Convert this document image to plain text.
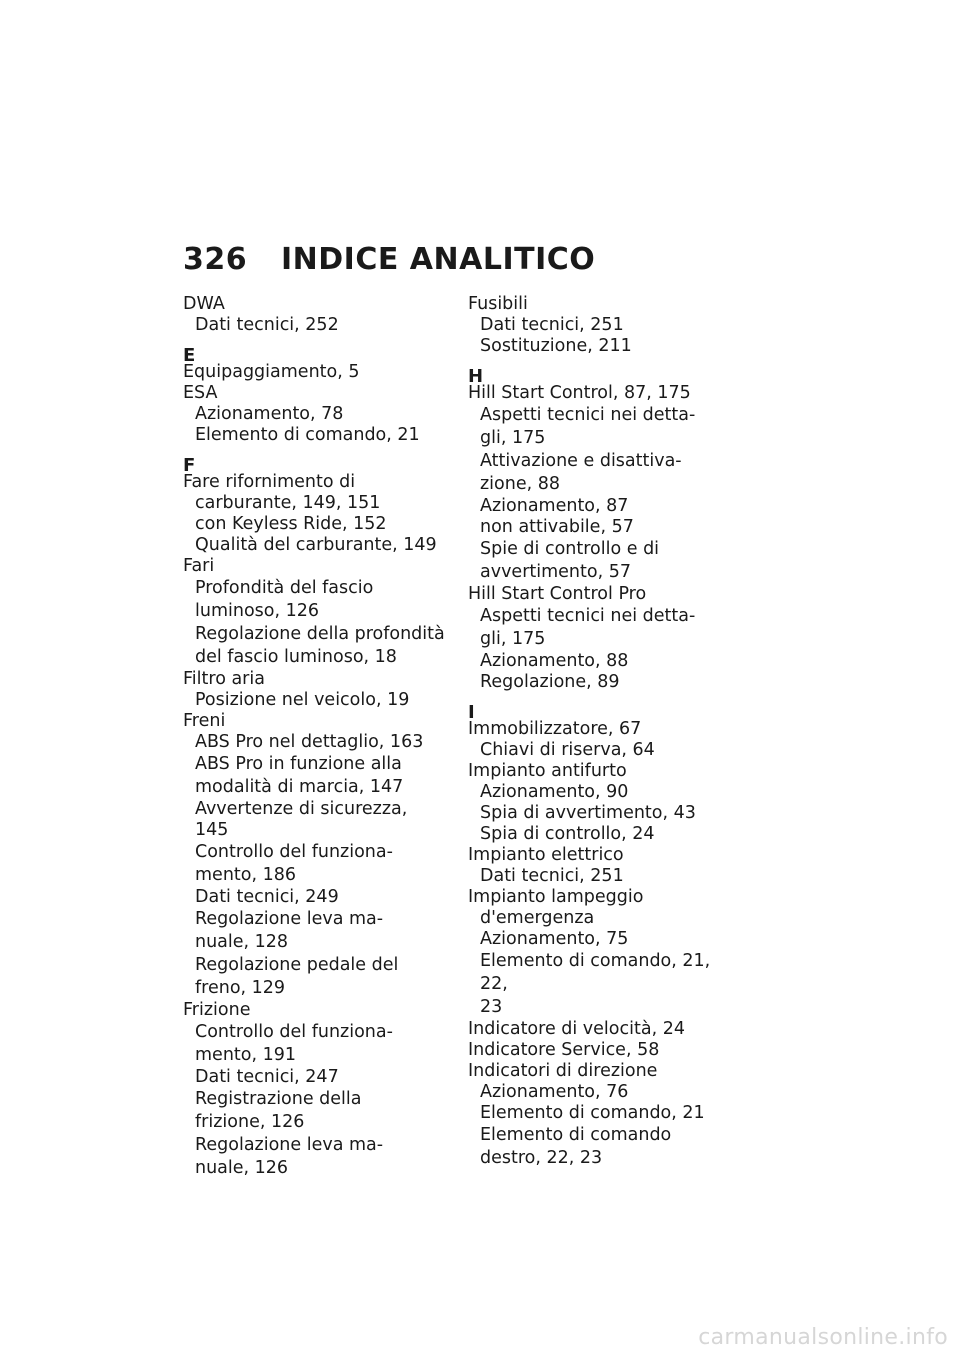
326 INDICE ANALITICO
DWA
Dati tecnici, 252
E
Equipaggiamento, 5
ESA
Azionamento, 78
Elemento di comando, 21
F
Fare rifornimento di
carburante, 149, 151
con Keyless Ride, 152
Qualità del carburante, 149
Fari
Profondità del fascio
luminoso, 126
Regolazione della profondità
del fascio luminoso, 18
Filtro aria
Posizione nel veicolo, 19
Freni
ABS Pro nel dettaglio, 163
ABS Pro in funzione alla
modalità di marcia, 147
Avvertenze di sicurezza, 145
Controllo del funziona-
mento, 186
Dati tecnici, 249
Regolazione leva ma-
nuale, 128
Regolazione pedale del
freno, 129
Frizione
Controllo del funziona-
mento, 191
Dati tecnici, 247
Registrazione della
frizione, 126
Regolazione leva ma-
nuale, 126
Fusibili
Dati tecnici, 251
Sostituzione, 211
H
Hill Start Control, 87, 175
Aspetti tecnici nei detta-
gli, 175
Attivazione e disattiva-
zione, 88
Azionamento, 87
non attivabile, 57
Spie di controllo e di
avvertimento, 57
Hill Start Control Pro
Aspetti tecnici nei detta-
gli, 175
Azionamento, 88
Regolazione, 89
I
Immobilizzatore, 67
Chiavi di riserva, 64
Impianto antifurto
Azionamento, 90
Spia di avvertimento, 43
Spia di controllo, 24
Impianto elettrico
Dati tecnici, 251
Impianto lampeggio
d'emergenza
Azionamento, 75
Elemento di comando, 21, 22,
23
Indicatore di velocità, 24
Indicatore Service, 58
Indicatori di direzione
Azionamento, 76
Elemento di comando, 21
Elemento di comando
destro, 22, 23
carmanualsonline.info
